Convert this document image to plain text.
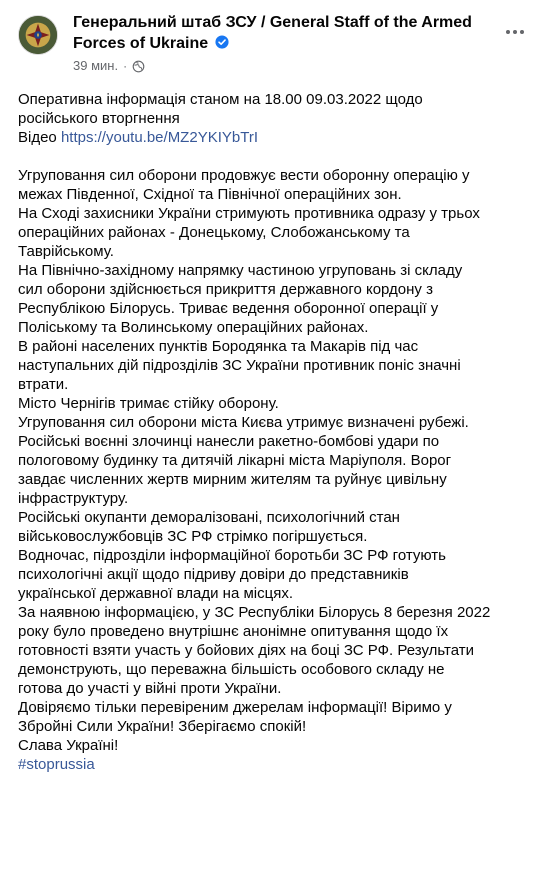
Генеральний штаб ЗСУ / General Staff of the Armed
Forces of Ukraine
39 мин. ·
Оперативна інформація станом на 18.00 09.03.2022 щодо
російського вторгнення
Відео https://youtu.be/MZ2YKIYbTrI
Угруповання сил оборони продовжує вести оборонну операцію у
межах Південної, Східної та Північної операційних зон.
На Сході захисники України стримують противника одразу у трьох
операційних районах - Донецькому, Слобожанському та
Таврійському.
На Північно-західному напрямку частиною угруповань зі складу
сил оборони здійснюється прикриття державного кордону з
Республікою Білорусь. Триває ведення оборонної операції у
Поліському та Волинському операційних районах.
В районі населених пунктів Бородянка та Макарів під час
наступальних дій підрозділів ЗС України противник поніс значні
втрати.
Місто Чернігів тримає стійку оборону.
Угруповання сил оборони міста Києва утримує визначені рубежі.
Російські воєнні злочинці нанесли ракетно-бомбові удари по
пологовому будинку та дитячій лікарні міста Маріуполя. Ворог
завдає численних жертв мирним жителям та руйнує цивільну
інфраструктуру.
Російські окупанти деморалізовані, психологічний стан
військовослужбовців ЗС РФ стрімко погіршується.
Водночас, підрозділи інформаційної боротьби ЗС РФ готують
психологічні акції щодо підриву довіри до представників
української державної влади на місцях.
За наявною інформацією, у ЗС Республіки Білорусь 8 березня 2022
року було проведено внутрішнє анонімне опитування щодо їх
готовності взяти участь у бойових діях на боці ЗС РФ. Результати
демонструють, що переважна більшість особового складу не
готова до участі у війні проти України.
Довіряємо тільки перевіреним джерелам інформації! Віримо у
Збройні Сили України! Зберігаємо спокій!
Слава Україні!
#stoprussia
